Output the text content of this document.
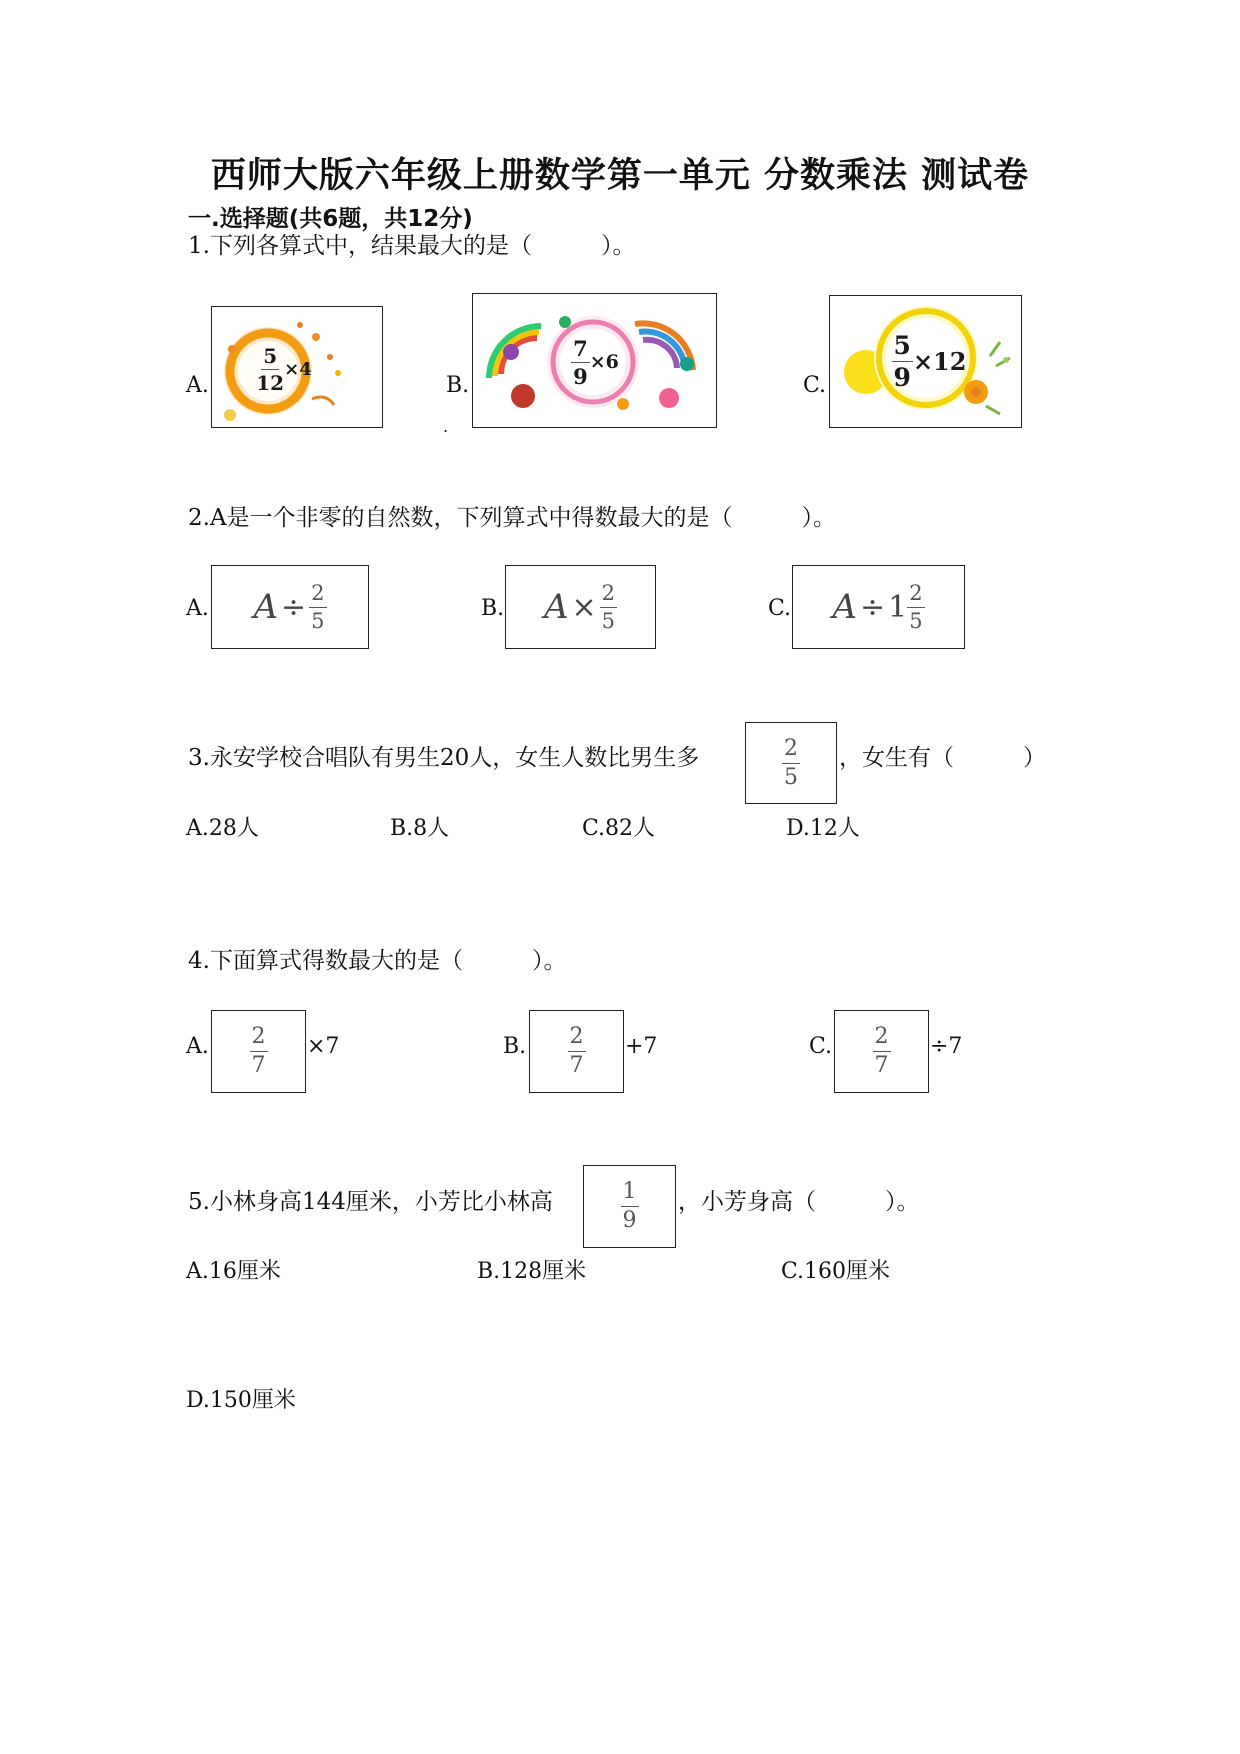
西师大版六年级上册数学第一单元 分数乘法 测试卷
一.选择题(共6题，共12分)
1.下列各算式中，结果最大的是（　　　）。
A. $\frac{5}{12} \times 4$
B.
.
$\frac{7}{9} \times 6$
C.	$\frac{5}{9} \times 12$
2.A是一个非零的自然数，下列算式中得数最大的是（　　　）。
A. $A \div \frac{2}{5}$	B. $A \times \frac{2}{5}$	C. $A \div 1 \frac{2}{5}$
3.永安学校合唱队有男生20人，女生人数比男生多	$\frac{2}{5}$ ，女生有（　　　）
A.28人	B.8人	C.82人	D.12人
4.下面算式得数最大的是（　　　）。
A. $\frac{2}{7} \times 7$	B. $\frac{2}{7} +7$	C. $\frac{2}{7} \div 7$
5.小林身高144厘米，小芳比小林高	$\frac{1}{9}$ ，小芳身高（　　　）。
A.16厘米	B.128厘米	C.160厘米
D.150厘米
